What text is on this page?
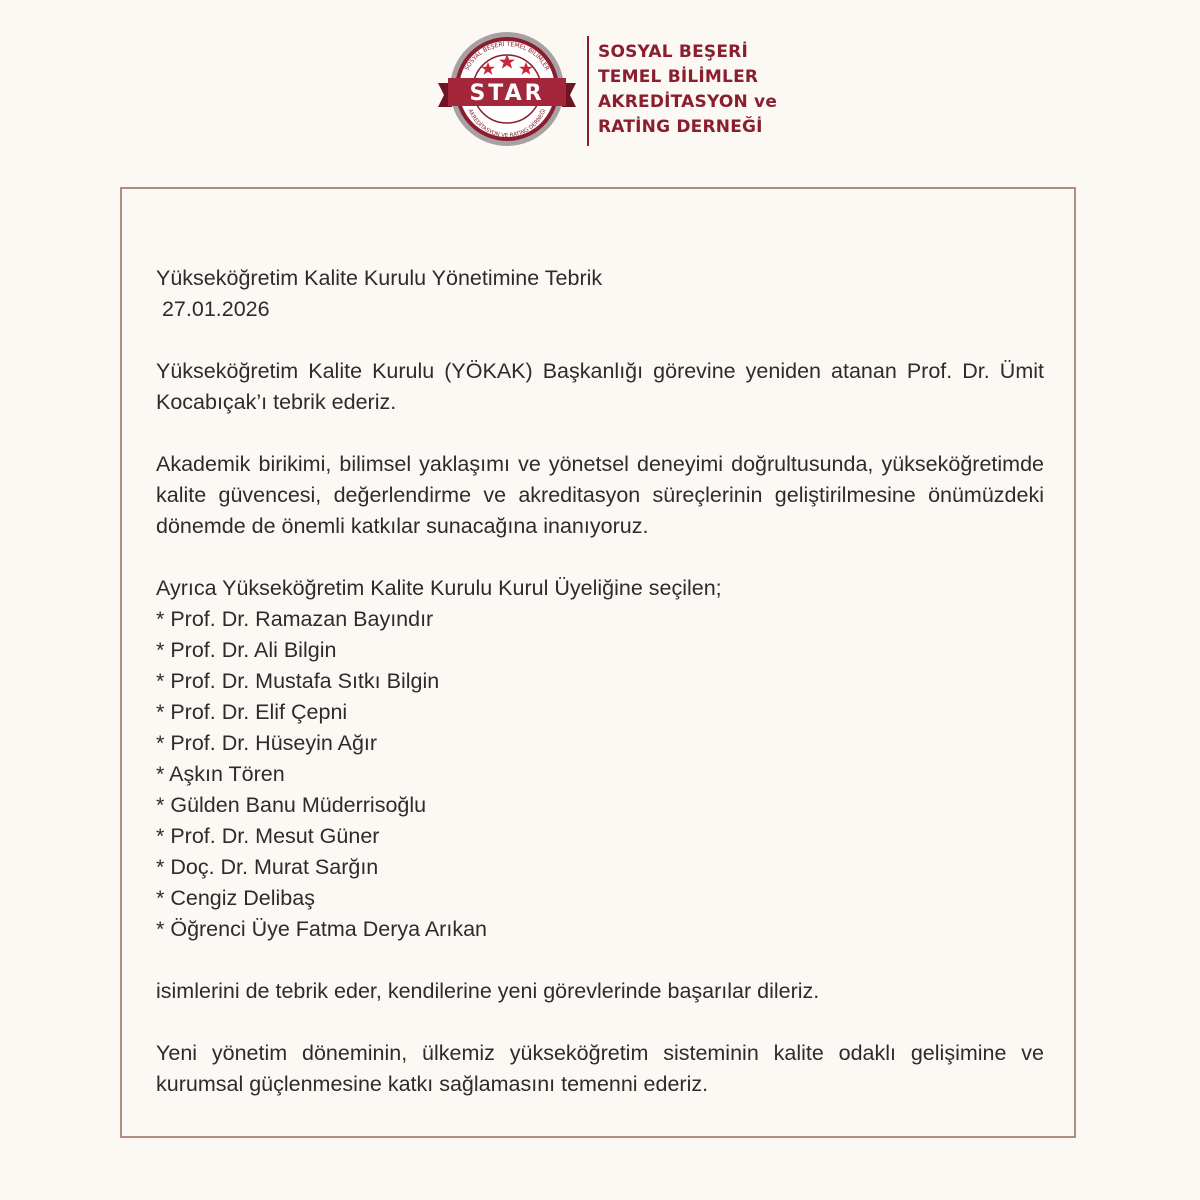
SOSYAL BEŞERİ TEMEL BİLİMLER
AKREDİTASYON VE RATİNG DERNEĞİ
STAR
SOSYAL BEŞERİ
TEMEL BİLİMLER
AKREDİTASYON ve
RATİNG DERNEĞİ

Yükseköğretim Kalite Kurulu Yönetimine Tebrik

27.01.2026

Yükseköğretim Kalite Kurulu (YÖKAK) Başkanlığı görevine yeniden atanan Prof. Dr. Ümit Kocabıçak’ı tebrik ederiz.

Akademik birikimi, bilimsel yaklaşımı ve yönetsel deneyimi doğrultusunda, yükseköğretimde kalite güvencesi, değerlendirme ve akreditasyon süreçlerinin geliştirilmesine önümüzdeki dönemde de önemli katkılar sunacağına inanıyoruz.

Ayrıca Yükseköğretim Kalite Kurulu Kurul Üyeliğine seçilen;

* Prof. Dr. Ramazan Bayındır
* Prof. Dr. Ali Bilgin
* Prof. Dr. Mustafa Sıtkı Bilgin
* Prof. Dr. Elif Çepni
* Prof. Dr. Hüseyin Ağır
* Aşkın Tören
* Gülden Banu Müderrisoğlu
* Prof. Dr. Mesut Güner
* Doç. Dr. Murat Sarğın
* Cengiz Delibaş
* Öğrenci Üye Fatma Derya Arıkan

isimlerini de tebrik eder, kendilerine yeni görevlerinde başarılar dileriz.

Yeni yönetim döneminin, ülkemiz yükseköğretim sisteminin kalite odaklı gelişimine ve kurumsal güçlenmesine katkı sağlamasını temenni ederiz.
